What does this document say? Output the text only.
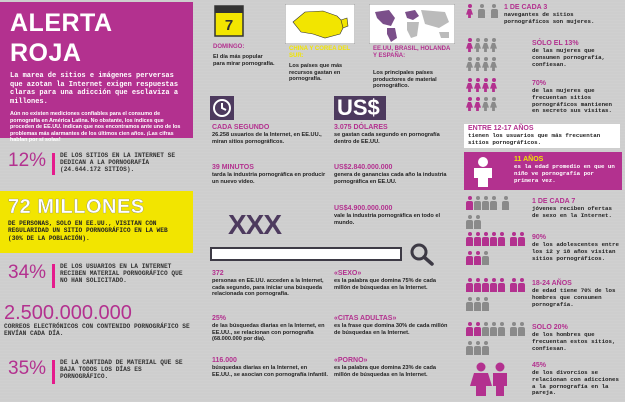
ALERTA ROJA

La marea de sitios e imágenes perversas que azotan la Internet exigen respuestas claras para una adicción que esclaviza a millones.

Aún no existen mediciones confiables para el consumo de pornografía en América Latina. No obstante, los índices que proceden de EE.UU. indican que nos encontramos ante uno de los problemas más alarmantes de los últimos cien años. ¡Las cifras hablan por sí solas!

12% DE LOS SITIOS EN LA INTERNET SE DEDICAN A LA PORNOGRAFÍA (24.644.172 SITIOS).
72 MILLONES
DE PERSONAS, SOLO EN EE.UU., VISITAN CON REGULARIDAD UN SITIO PORNOGRÁFICO EN LA WEB (30% DE LA POBLACIÓN).
34% DE LOS USUARIOS EN LA INTERNET RECIBEN MATERIAL PORNOGRÁFICO QUE NO HAN SOLICITADO.
2.500.000.000
CORREOS ELECTRÓNICOS CON CONTENIDO PORNOGRÁFICO SE ENVÍAN CADA DÍA.
35% DE LA CANTIDAD DE MATERIAL QUE SE BAJA TODOS LOS DÍAS ES PORNOGRÁFICO.
7
DOMINGO:
El día más popular para mirar pornografía.
CHINA Y COREA DEL SUR:
Los países que más recursos gastan en pornografía.
EE.UU, BRASIL, HOLANDA Y ESPAÑA:
Los principales países productores de material pornográfico.
CADA SEGUNDO
26.258 usuarios de la Internet, en EE.UU., miran sitios pornográficos.
39 MINUTOS
tarda la industria pornográfica en producir un nuevo video.
US$
3.075 DÓLARES
se gastan cada segundo en pornografía dentro de EE.UU.
US$2.840.000.000
genera de ganancias cada año la industria pornográfica en EE.UU.
US$4.900.000.000
vale la industria pornográfica en todo el mundo.
XXX
372
personas en EE.UU. acceden a la Internet, cada segundo, para iniciar una búsqueda relacionada con pornografía.
25%
de las búsquedas diarias en la Internet, en EE.UU., se relacionan con pornografía (68.000.000 por día).
116.000
búsquedas diarias en la Internet, en EE.UU., se asocian con pornografía infantil.
«SEXO»
es la palabra que domina 75% de cada millón de búsquedas en la Internet.
«CITAS ADULTAS»
es la frase que domina 30% de cada millón de búsquedas en la Internet.
«PORNO»
es la palabra que domina 23% de cada millón de búsquedas en la Internet.

1 DE CADA 3
navegantes de sitios pornográficos son mujeres.

SÓLO EL 13%
de las mujeres que consumen pornografía, confiesan.

70%
de las mujeres que frecuentan sitios pornográficos mantienen en secreto sus visitas.
ENTRE 12-17 AÑOS
tienen los usuarios que más frecuentan sitios pornográficos.
11 AÑOS
es la edad promedio en que un niño ve pornografía por primera vez.

1 DE CADA 7
jóvenes reciben ofertas de sexo en la Internet.

90%
de los adolescentes entre los 12 y 18 años visitan sitios pornográficos.

18-24 AÑOS
de edad tiene 70% de los hombres que consumen pornografía.

SOLO 20%
de los hombres que frecuentan estos sitios, confiesan.
45%
de los divorcios se relacionan con adicciones a la pornografía en la pareja.
